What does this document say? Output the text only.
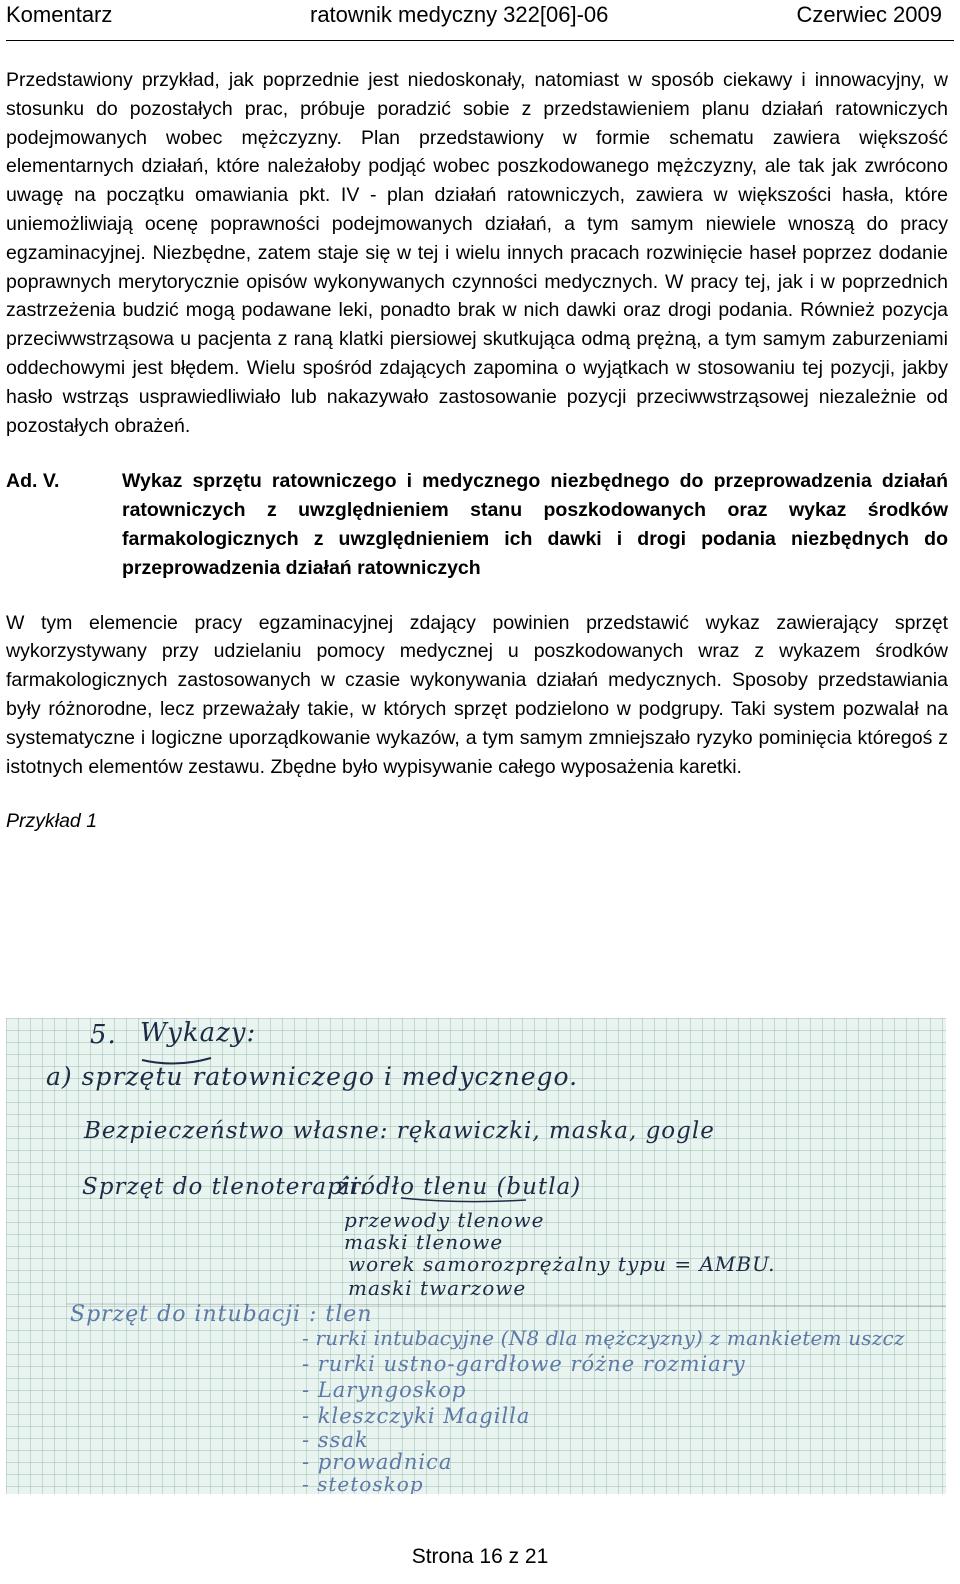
Komentarz	ratownik medyczny 322[06]-06	Czerwiec 2009

Przedstawiony przykład, jak poprzednie jest niedoskonały, natomiast w sposób ciekawy i innowacyjny, w stosunku do pozostałych prac, próbuje poradzić sobie z przedstawieniem planu działań ratowniczych podejmowanych wobec mężczyzny. Plan przedstawiony w formie schematu zawiera większość elementarnych działań, które należałoby podjąć wobec poszkodowanego mężczyzny, ale tak jak zwrócono uwagę na początku omawiania pkt. IV - plan działań ratowniczych, zawiera w większości hasła, które uniemożliwiają ocenę poprawności podejmowanych działań, a tym samym niewiele wnoszą do pracy egzaminacyjnej. Niezbędne, zatem staje się w tej i wielu innych pracach rozwinięcie haseł poprzez dodanie poprawnych merytorycznie opisów wykonywanych czynności medycznych. W pracy tej, jak i w poprzednich zastrzeżenia budzić mogą podawane leki, ponadto brak w nich dawki oraz drogi podania. Również pozycja przeciwwstrząsowa u pacjenta z raną klatki piersiowej skutkująca odmą prężną, a tym samym zaburzeniami oddechowymi jest błędem. Wielu spośród zdających zapomina o wyjątkach w stosowaniu tej pozycji, jakby hasło wstrząs usprawiedliwiało lub nakazywało zastosowanie pozycji przeciwwstrząsowej niezależnie od pozostałych obrażeń.

Ad. V.	Wykaz sprzętu ratowniczego i medycznego niezbędnego do przeprowadzenia działań ratowniczych z uwzględnieniem stanu poszkodowanych oraz wykaz środków farmakologicznych z uwzględnieniem ich dawki i drogi podania niezbędnych do przeprowadzenia działań ratowniczych

W tym elemencie pracy egzaminacyjnej zdający powinien przedstawić wykaz zawierający sprzęt wykorzystywany przy udzielaniu pomocy medycznej u poszkodowanych wraz z wykazem środków farmakologicznych zastosowanych w czasie wykonywania działań medycznych. Sposoby przedstawiania były różnorodne, lecz przeważały takie, w których sprzęt podzielono w podgrupy. Taki system pozwalał na systematyczne i logiczne uporządkowanie wykazów, a tym samym zmniejszało ryzyko pominięcia któregoś z istotnych elementów zestawu. Zbędne było wypisywanie całego wyposażenia karetki.

Przykład 1
5. Wykazy:
a) sprzętu ratowniczego i medycznego.
Bezpieczeństwo własne: rękawiczki, maska, gogle
Sprzęt do tlenoterapii:
źródło tlenu (butla)
przewody tlenowe
maski tlenowe
worek samorozprężalny typu = AMBU.
maski twarzowe
Sprzęt do intubacji : tlen
- rurki intubacyjne (N8 dla mężczyzny) z mankietem uszcz
- rurki ustno-gardłowe różne rozmiary
- Laryngoskop
- kleszczyki Magilla
- ssak
- prowadnica
- stetoskop
Strona 16 z 21
